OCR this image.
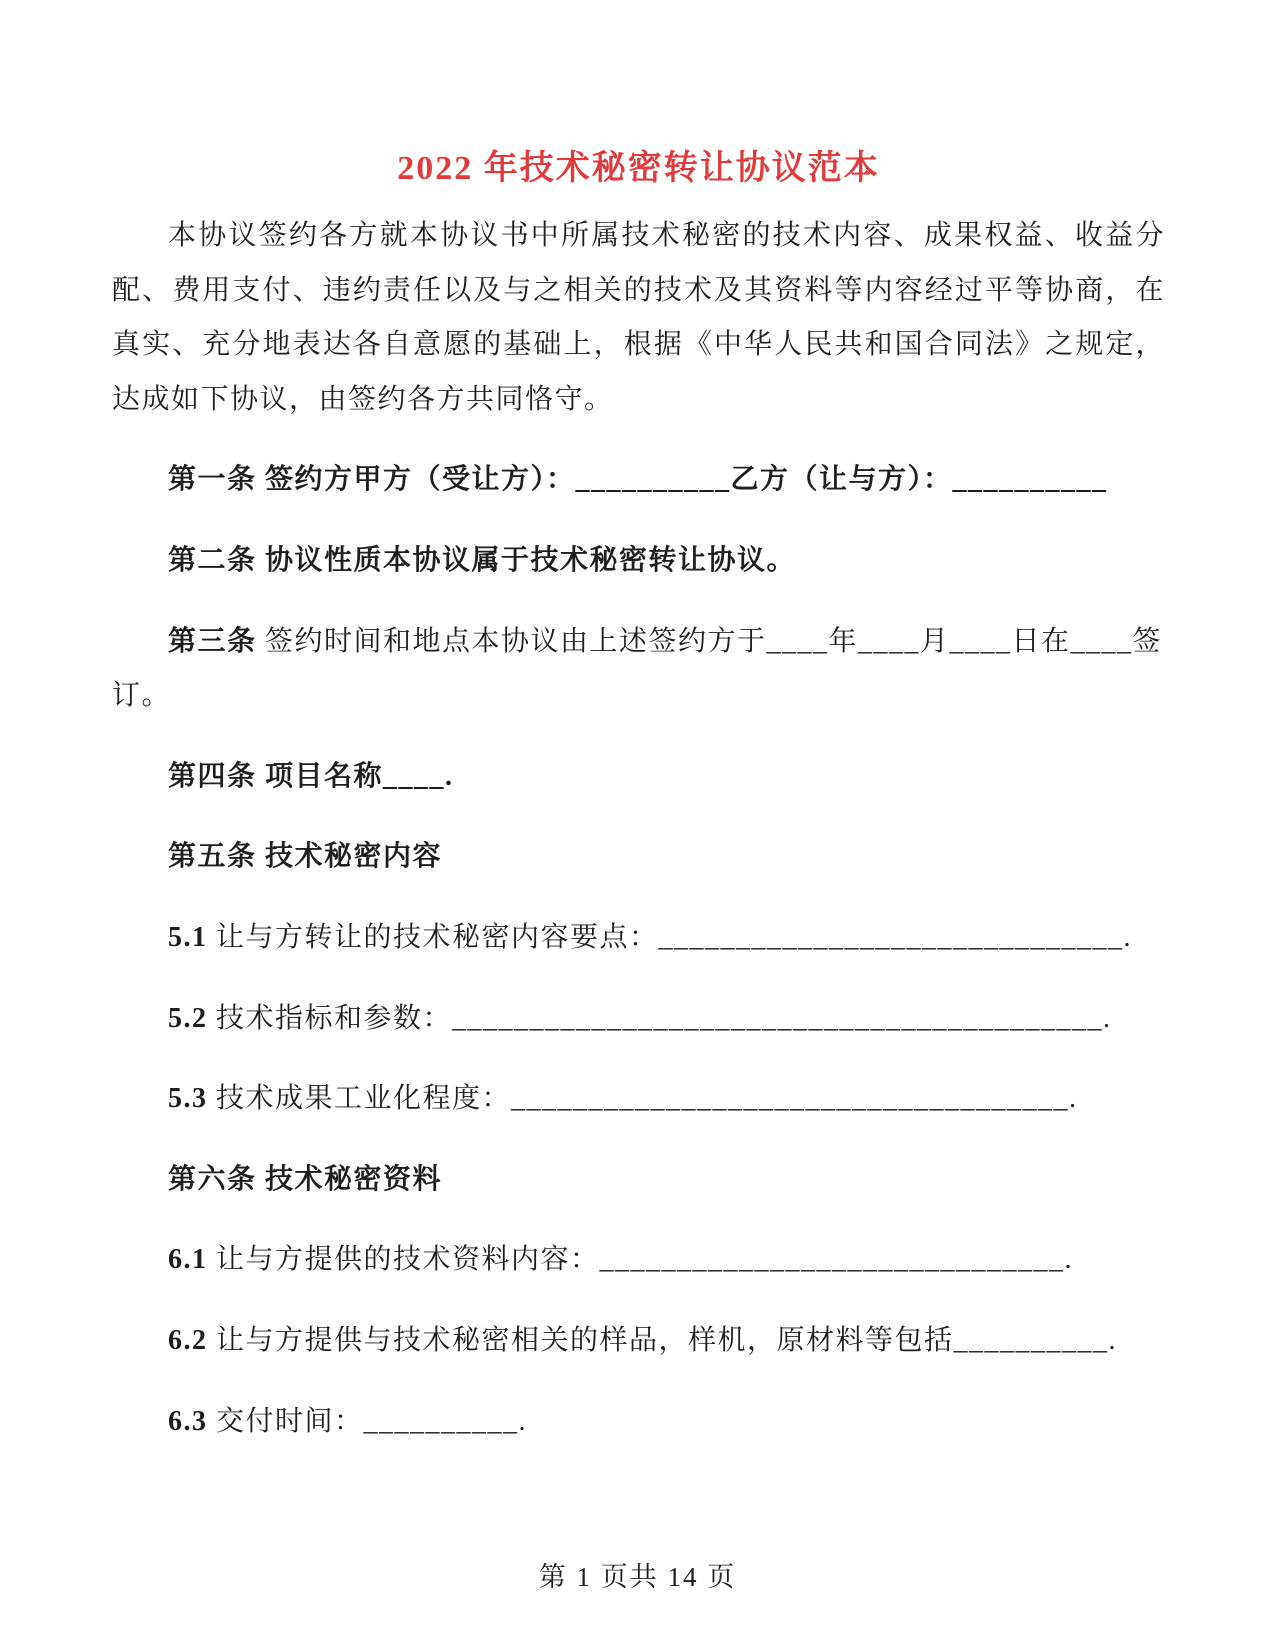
2022 年技术秘密转让协议范本

本协议签约各方就本协议书中所属技术秘密的技术内容、成果权益、收益分配、费用支付、违约责任以及与之相关的技术及其资料等内容经过平等协商，在真实、充分地表达各自意愿的基础上，根据《中华人民共和国合同法》之规定，达成如下协议，由签约各方共同恪守。

第一条 签约方甲方（受让方）：__________乙方（让与方）：__________

第二条 协议性质本协议属于技术秘密转让协议。

第三条 签约时间和地点本协议由上述签约方于____年____月____日在____签订。

第四条 项目名称____.

第五条 技术秘密内容

5.1 让与方转让的技术秘密内容要点：______________________________.

5.2 技术指标和参数：__________________________________________.

5.3 技术成果工业化程度：____________________________________.

第六条 技术秘密资料

6.1 让与方提供的技术资料内容：______________________________.

6.2 让与方提供与技术秘密相关的样品，样机，原材料等包括__________.

6.3 交付时间：__________.

第 1 页共 14 页
